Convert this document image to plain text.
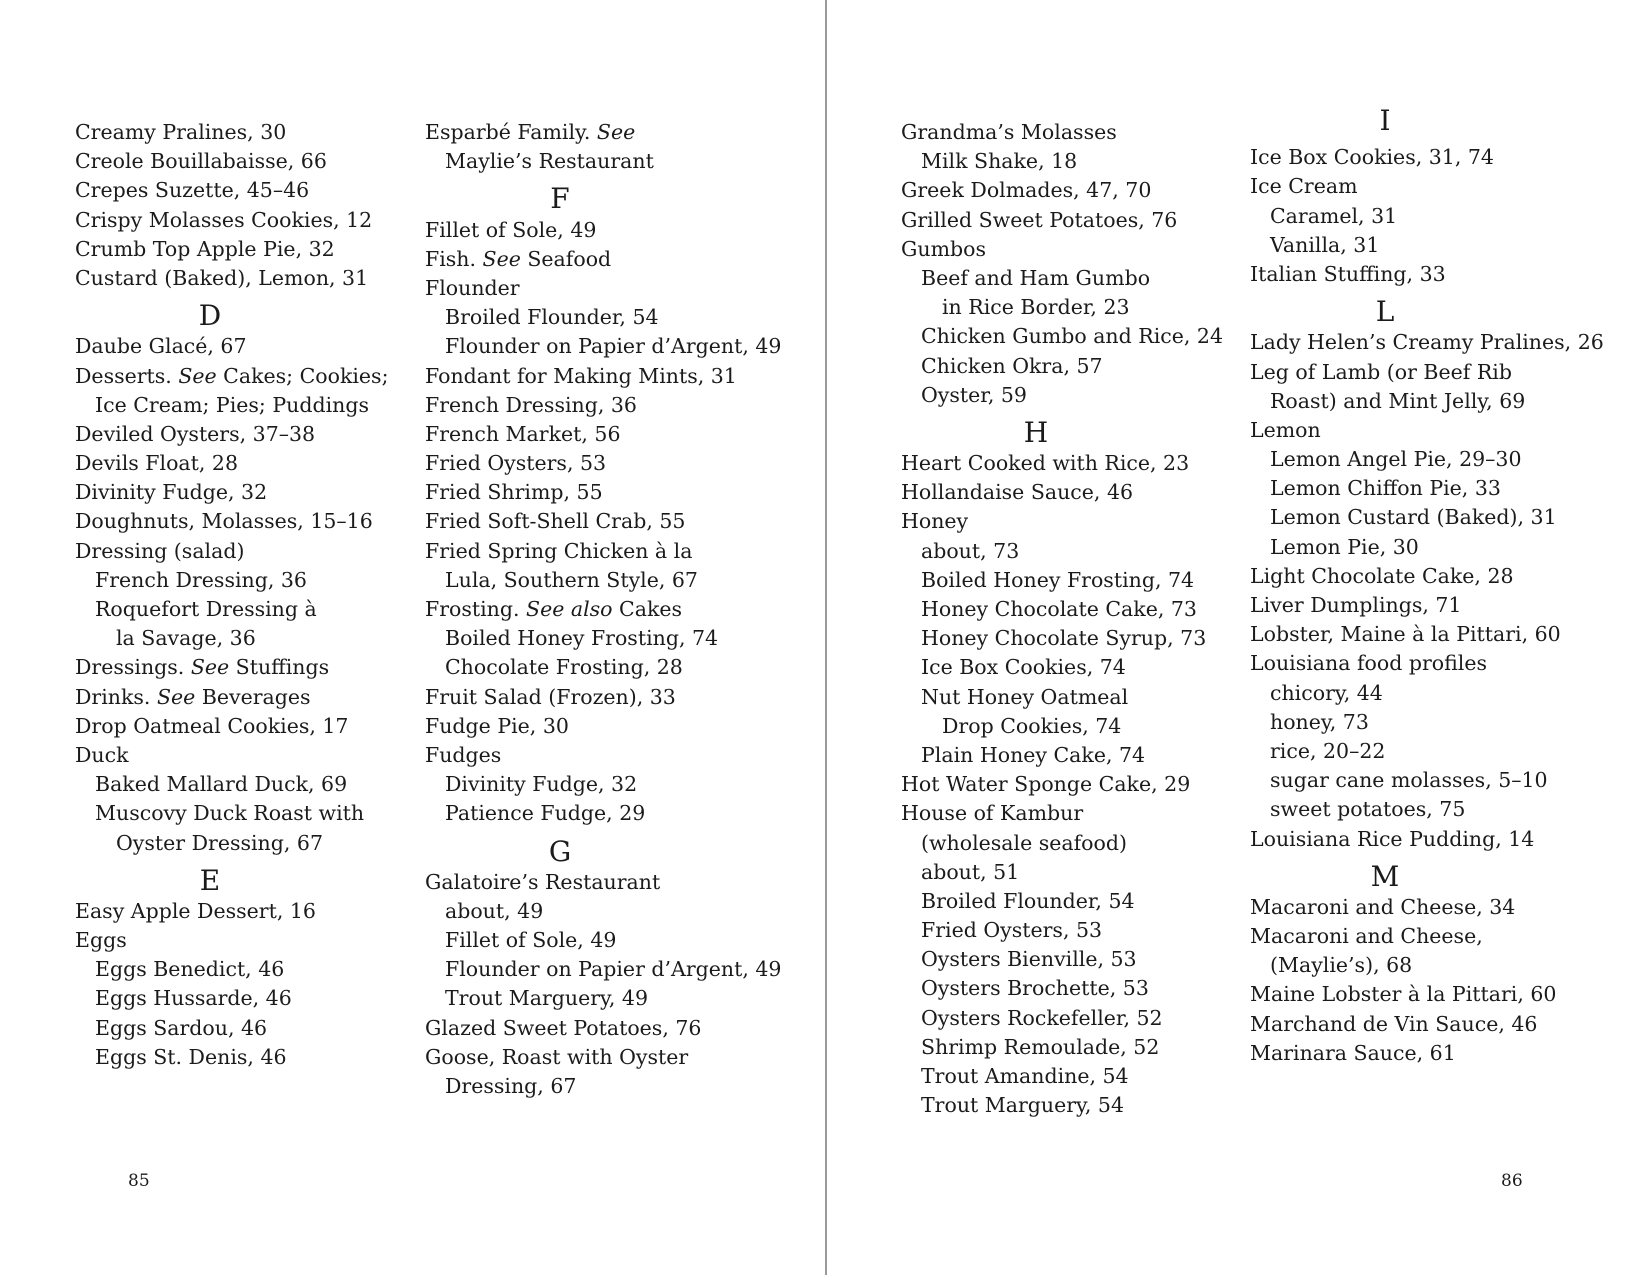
Creamy Pralines, 30
Creole Bouillabaisse, 66
Crepes Suzette, 45–46
Crispy Molasses Cookies, 12
Crumb Top Apple Pie, 32
Custard (Baked), Lemon, 31
D
Daube Glacé, 67
Desserts. See Cakes; Cookies;
Ice Cream; Pies; Puddings
Deviled Oysters, 37–38
Devils Float, 28
Divinity Fudge, 32
Doughnuts, Molasses, 15–16
Dressing (salad)
French Dressing, 36
Roquefort Dressing à
la Savage, 36
Dressings. See Stuffings
Drinks. See Beverages
Drop Oatmeal Cookies, 17
Duck
Baked Mallard Duck, 69
Muscovy Duck Roast with
Oyster Dressing, 67
E
Easy Apple Dessert, 16
Eggs
Eggs Benedict, 46
Eggs Hussarde, 46
Eggs Sardou, 46
Eggs St. Denis, 46
Esparbé Family. See
Maylie’s Restaurant
F
Fillet of Sole, 49
Fish. See Seafood
Flounder
Broiled Flounder, 54
Flounder on Papier d’Argent, 49
Fondant for Making Mints, 31
French Dressing, 36
French Market, 56
Fried Oysters, 53
Fried Shrimp, 55
Fried Soft-Shell Crab, 55
Fried Spring Chicken à la
Lula, Southern Style, 67
Frosting. See also Cakes
Boiled Honey Frosting, 74
Chocolate Frosting, 28
Fruit Salad (Frozen), 33
Fudge Pie, 30
Fudges
Divinity Fudge, 32
Patience Fudge, 29
G
Galatoire’s Restaurant
about, 49
Fillet of Sole, 49
Flounder on Papier d’Argent, 49
Trout Marguery, 49
Glazed Sweet Potatoes, 76
Goose, Roast with Oyster
Dressing, 67
85
Grandma’s Molasses
Milk Shake, 18
Greek Dolmades, 47, 70
Grilled Sweet Potatoes, 76
Gumbos
Beef and Ham Gumbo
in Rice Border, 23
Chicken Gumbo and Rice, 24
Chicken Okra, 57
Oyster, 59
H
Heart Cooked with Rice, 23
Hollandaise Sauce, 46
Honey
about, 73
Boiled Honey Frosting, 74
Honey Chocolate Cake, 73
Honey Chocolate Syrup, 73
Ice Box Cookies, 74
Nut Honey Oatmeal
Drop Cookies, 74
Plain Honey Cake, 74
Hot Water Sponge Cake, 29
House of Kambur
(wholesale seafood)
about, 51
Broiled Flounder, 54
Fried Oysters, 53
Oysters Bienville, 53
Oysters Brochette, 53
Oysters Rockefeller, 52
Shrimp Remoulade, 52
Trout Amandine, 54
Trout Marguery, 54
I
Ice Box Cookies, 31, 74
Ice Cream
Caramel, 31
Vanilla, 31
Italian Stuffing, 33
L
Lady Helen’s Creamy Pralines, 26
Leg of Lamb (or Beef Rib
Roast) and Mint Jelly, 69
Lemon
Lemon Angel Pie, 29–30
Lemon Chiffon Pie, 33
Lemon Custard (Baked), 31
Lemon Pie, 30
Light Chocolate Cake, 28
Liver Dumplings, 71
Lobster, Maine à la Pittari, 60
Louisiana food profiles
chicory, 44
honey, 73
rice, 20–22
sugar cane molasses, 5–10
sweet potatoes, 75
Louisiana Rice Pudding, 14
M
Macaroni and Cheese, 34
Macaroni and Cheese,
(Maylie’s), 68
Maine Lobster à la Pittari, 60
Marchand de Vin Sauce, 46
Marinara Sauce, 61
86
